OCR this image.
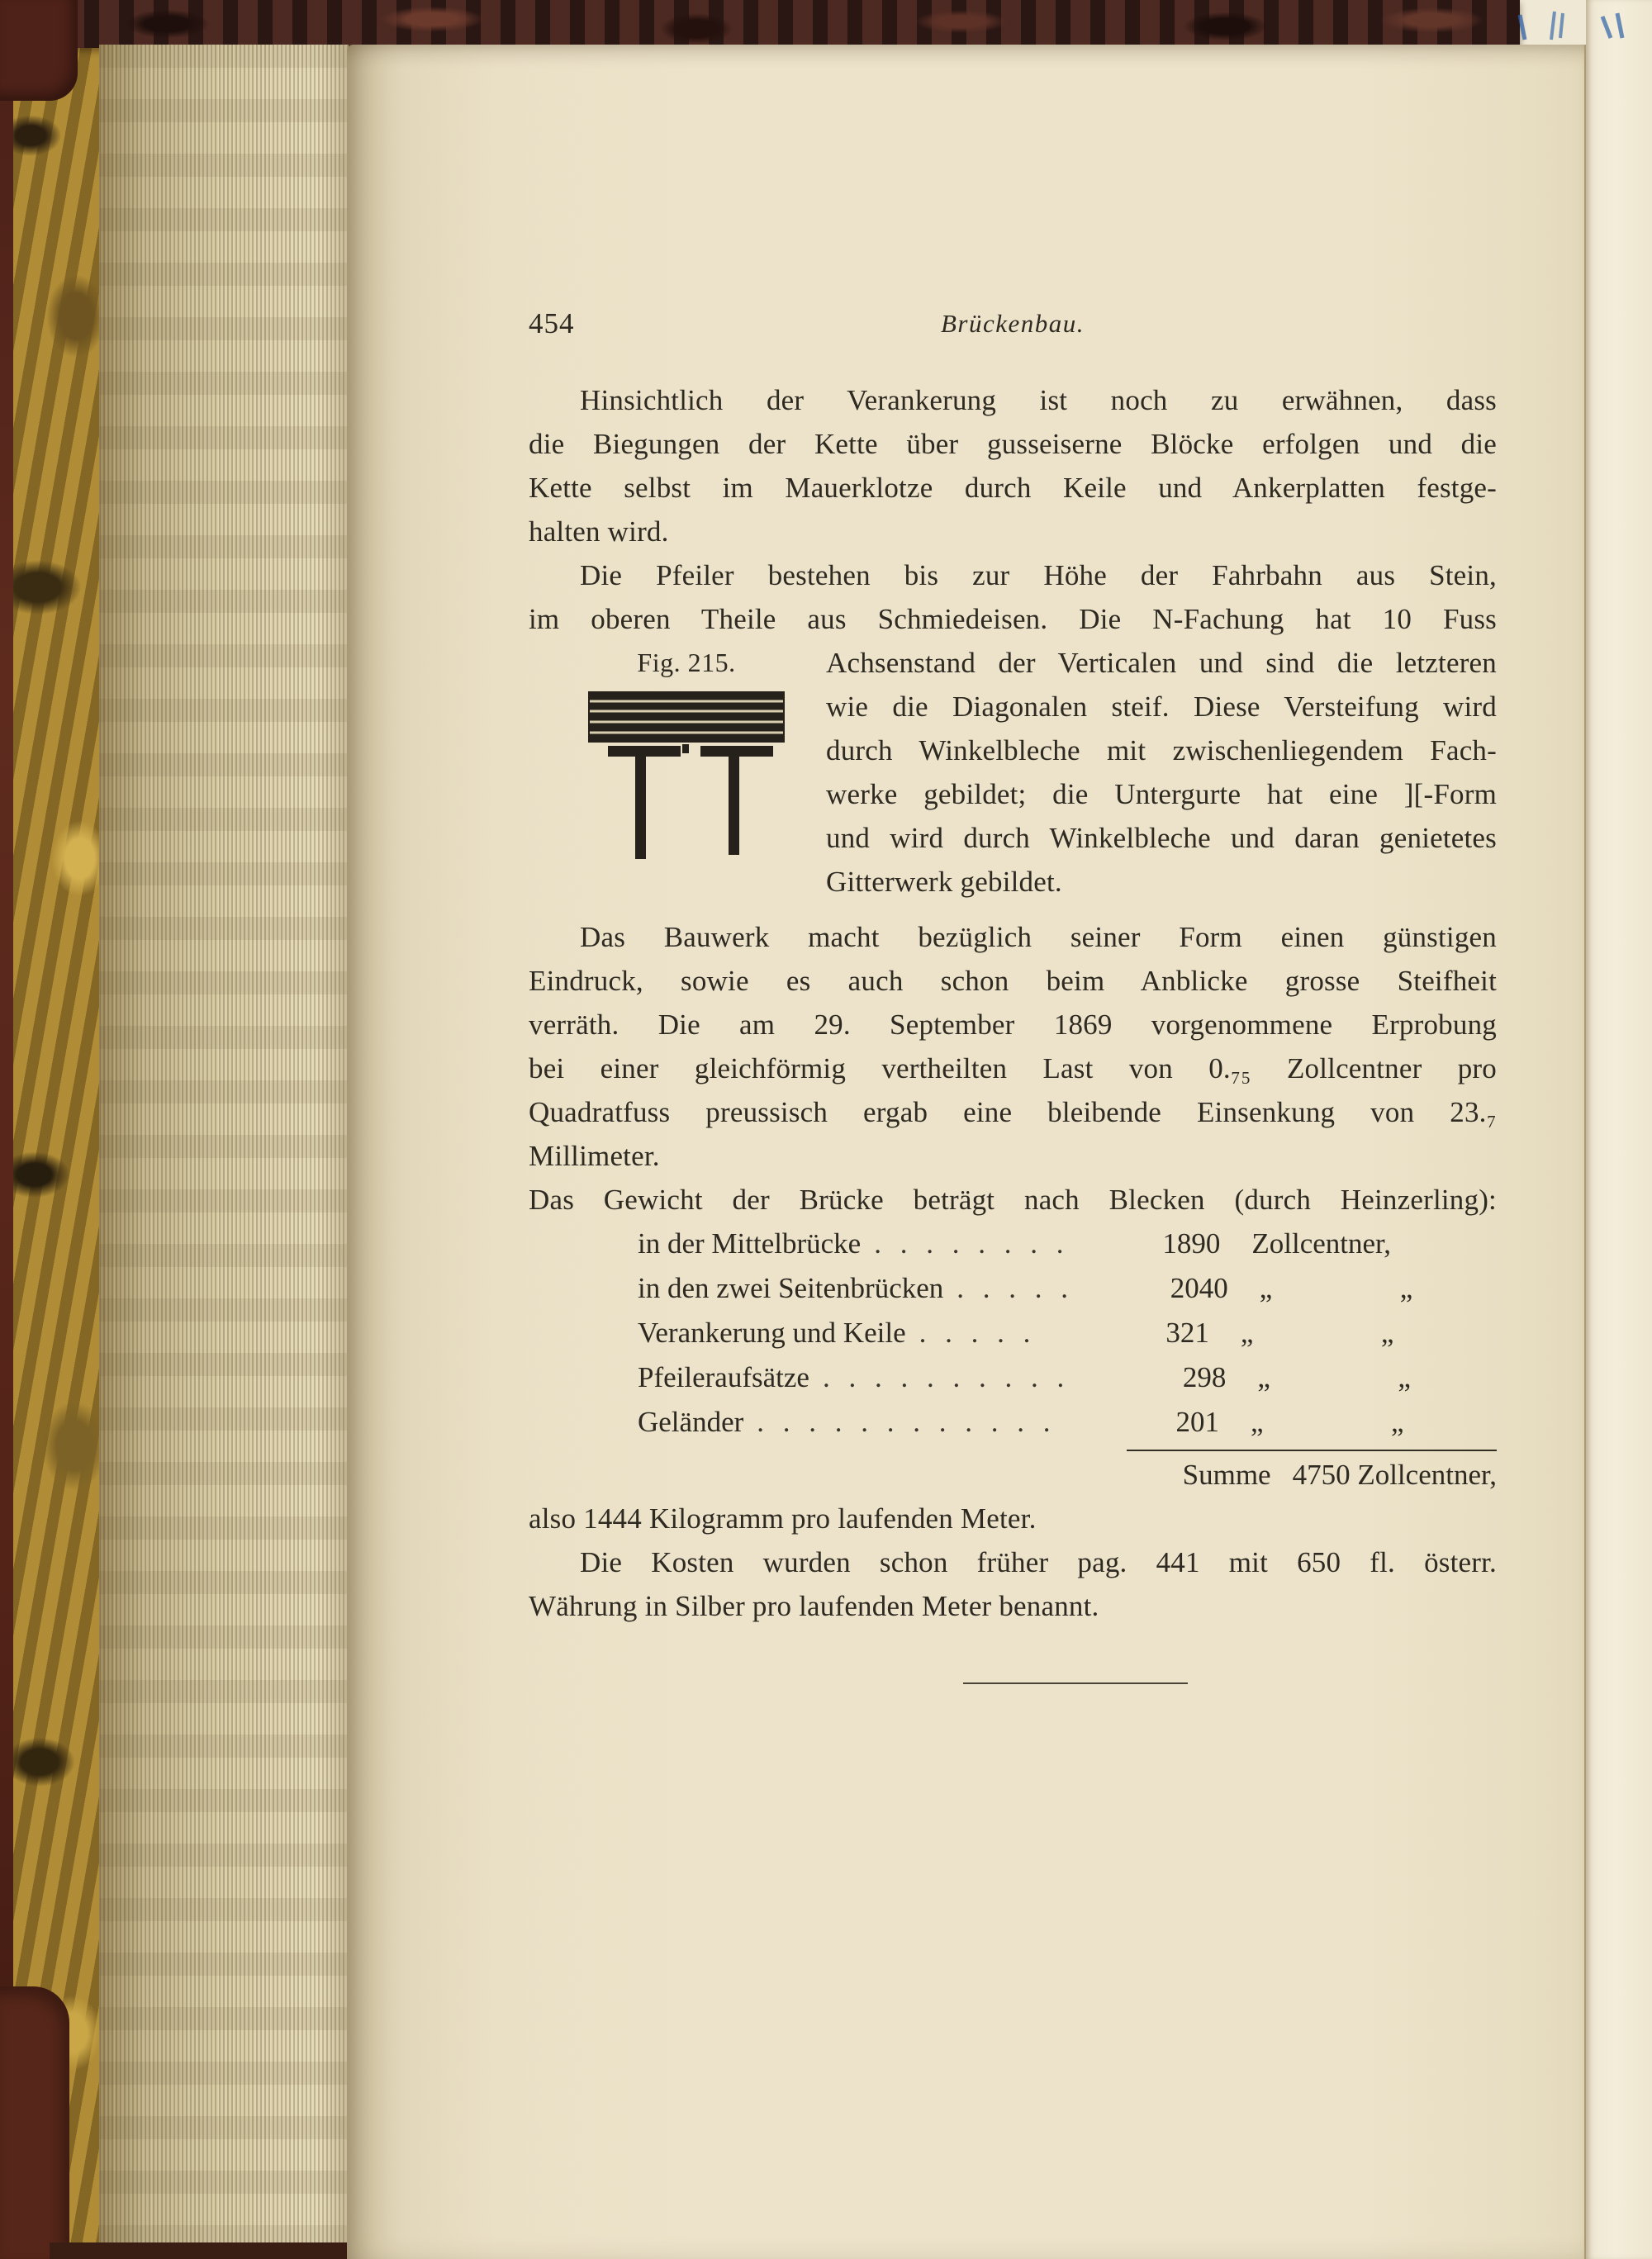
454	Brückenbau.
Hinsichtlich der Verankerung ist noch zu erwähnen, dass
die Biegungen der Kette über gusseiserne Blöcke erfolgen und die
Kette selbst im Mauerklotze durch Keile und Ankerplatten festge-
halten wird.
Die Pfeiler bestehen bis zur Höhe der Fahrbahn aus Stein,
im oberen Theile aus Schmiedeisen. Die N-Fachung hat 10 Fuss
Fig. 215.	Achsenstand der Verticalen und sind die letzteren
wie die Diagonalen steif. Diese Versteifung wird
durch Winkelbleche mit zwischenliegendem Fach-
werke gebildet; die Untergurte hat eine ][-Form
und wird durch Winkelbleche und daran genietetes
Gitterwerk gebildet.
Das Bauwerk macht bezüglich seiner Form einen günstigen
Eindruck, sowie es auch schon beim Anblicke grosse Steifheit
verräth. Die am 29. September 1869 vorgenommene Erprobung
bei einer gleichförmig vertheilten Last von 0.₇₅ Zollcentner pro
Quadratfuss preussisch ergab eine bleibende Einsenkung von 23.₇
Millimeter.
Das Gewicht der Brücke beträgt nach Blecken (durch Heinzerling):
in der Mittelbrücke . . . . . . . .	1890	Zollcentner,
in den zwei Seitenbrücken . . . . .	2040	„	„
Verankerung und Keile . . . . .	321	„	„
Pfeileraufsätze . . . . . . . . . .	298	„	„
Geländer . . . . . . . . . . . .	201	„	„
Summe 4750 Zollcentner,
also 1444 Kilogramm pro laufenden Meter.
Die Kosten wurden schon früher pag. 441 mit 650 fl. österr.
Währung in Silber pro laufenden Meter benannt.
